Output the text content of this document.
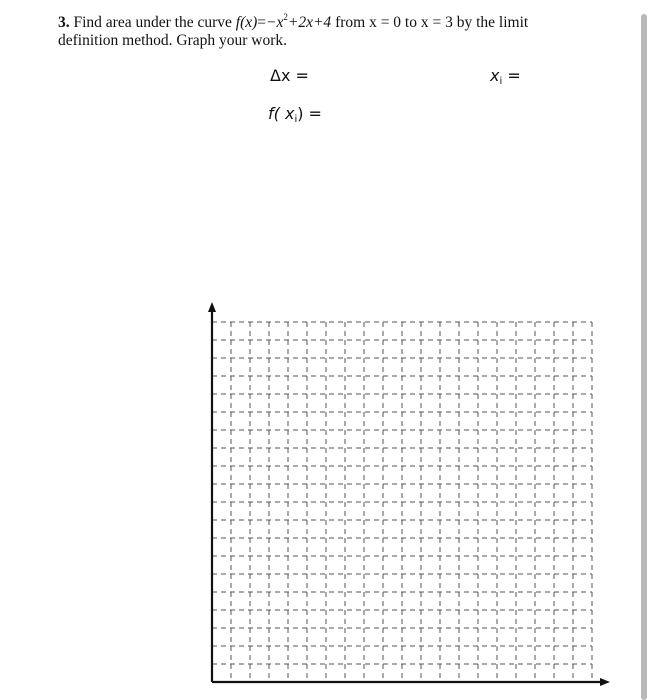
3. Find area under the curve $f(x)=-x^2+2x+4$ from x = 0 to x = 3 by the limit
definition method. Graph your work.
Δx =	$x_i$ =
f( $x_i$) =
